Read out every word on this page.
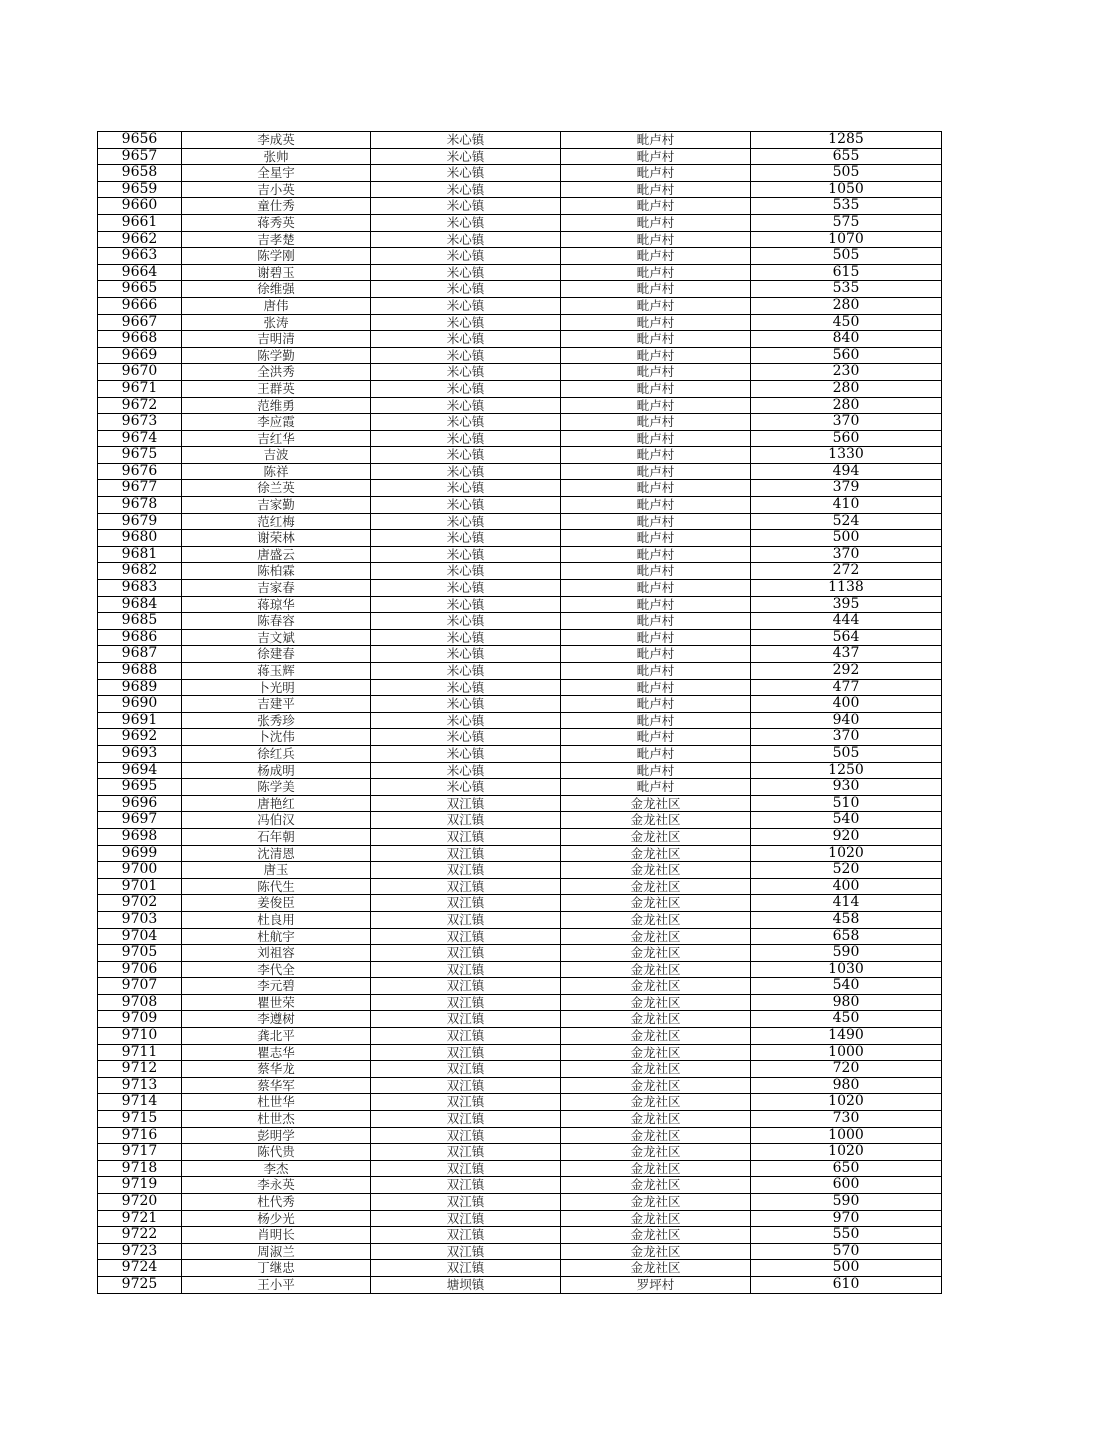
9656	李成英	米心镇	毗卢村	1285
9657	张帅	米心镇	毗卢村	655
9658	全星宇	米心镇	毗卢村	505
9659	吉小英	米心镇	毗卢村	1050
9660	童仕秀	米心镇	毗卢村	535
9661	蒋秀英	米心镇	毗卢村	575
9662	吉孝楚	米心镇	毗卢村	1070
9663	陈学刚	米心镇	毗卢村	505
9664	谢碧玉	米心镇	毗卢村	615
9665	徐维强	米心镇	毗卢村	535
9666	唐伟	米心镇	毗卢村	280
9667	张涛	米心镇	毗卢村	450
9668	吉明清	米心镇	毗卢村	840
9669	陈学勤	米心镇	毗卢村	560
9670	全洪秀	米心镇	毗卢村	230
9671	王群英	米心镇	毗卢村	280
9672	范维勇	米心镇	毗卢村	280
9673	李应霞	米心镇	毗卢村	370
9674	吉红华	米心镇	毗卢村	560
9675	吉波	米心镇	毗卢村	1330
9676	陈祥	米心镇	毗卢村	494
9677	徐兰英	米心镇	毗卢村	379
9678	吉家勤	米心镇	毗卢村	410
9679	范红梅	米心镇	毗卢村	524
9680	谢荣林	米心镇	毗卢村	500
9681	唐盛云	米心镇	毗卢村	370
9682	陈柏霖	米心镇	毗卢村	272
9683	吉家春	米心镇	毗卢村	1138
9684	蒋琼华	米心镇	毗卢村	395
9685	陈春容	米心镇	毗卢村	444
9686	吉文斌	米心镇	毗卢村	564
9687	徐建春	米心镇	毗卢村	437
9688	蒋玉辉	米心镇	毗卢村	292
9689	卜光明	米心镇	毗卢村	477
9690	吉建平	米心镇	毗卢村	400
9691	张秀珍	米心镇	毗卢村	940
9692	卜沈伟	米心镇	毗卢村	370
9693	徐红兵	米心镇	毗卢村	505
9694	杨成明	米心镇	毗卢村	1250
9695	陈学美	米心镇	毗卢村	930
9696	唐艳红	双江镇	金龙社区	510
9697	冯伯汉	双江镇	金龙社区	540
9698	石年朝	双江镇	金龙社区	920
9699	沈清恩	双江镇	金龙社区	1020
9700	唐玉	双江镇	金龙社区	520
9701	陈代生	双江镇	金龙社区	400
9702	姜俊臣	双江镇	金龙社区	414
9703	杜良用	双江镇	金龙社区	458
9704	杜航宇	双江镇	金龙社区	658
9705	刘祖容	双江镇	金龙社区	590
9706	李代全	双江镇	金龙社区	1030
9707	李元碧	双江镇	金龙社区	540
9708	瞿世荣	双江镇	金龙社区	980
9709	李遵树	双江镇	金龙社区	450
9710	龚北平	双江镇	金龙社区	1490
9711	瞿志华	双江镇	金龙社区	1000
9712	蔡华龙	双江镇	金龙社区	720
9713	蔡华军	双江镇	金龙社区	980
9714	杜世华	双江镇	金龙社区	1020
9715	杜世杰	双江镇	金龙社区	730
9716	彭明学	双江镇	金龙社区	1000
9717	陈代贵	双江镇	金龙社区	1020
9718	李杰	双江镇	金龙社区	650
9719	李永英	双江镇	金龙社区	600
9720	杜代秀	双江镇	金龙社区	590
9721	杨少光	双江镇	金龙社区	970
9722	肖明长	双江镇	金龙社区	550
9723	周淑兰	双江镇	金龙社区	570
9724	丁继忠	双江镇	金龙社区	500
9725	王小平	塘坝镇	罗坪村	610
